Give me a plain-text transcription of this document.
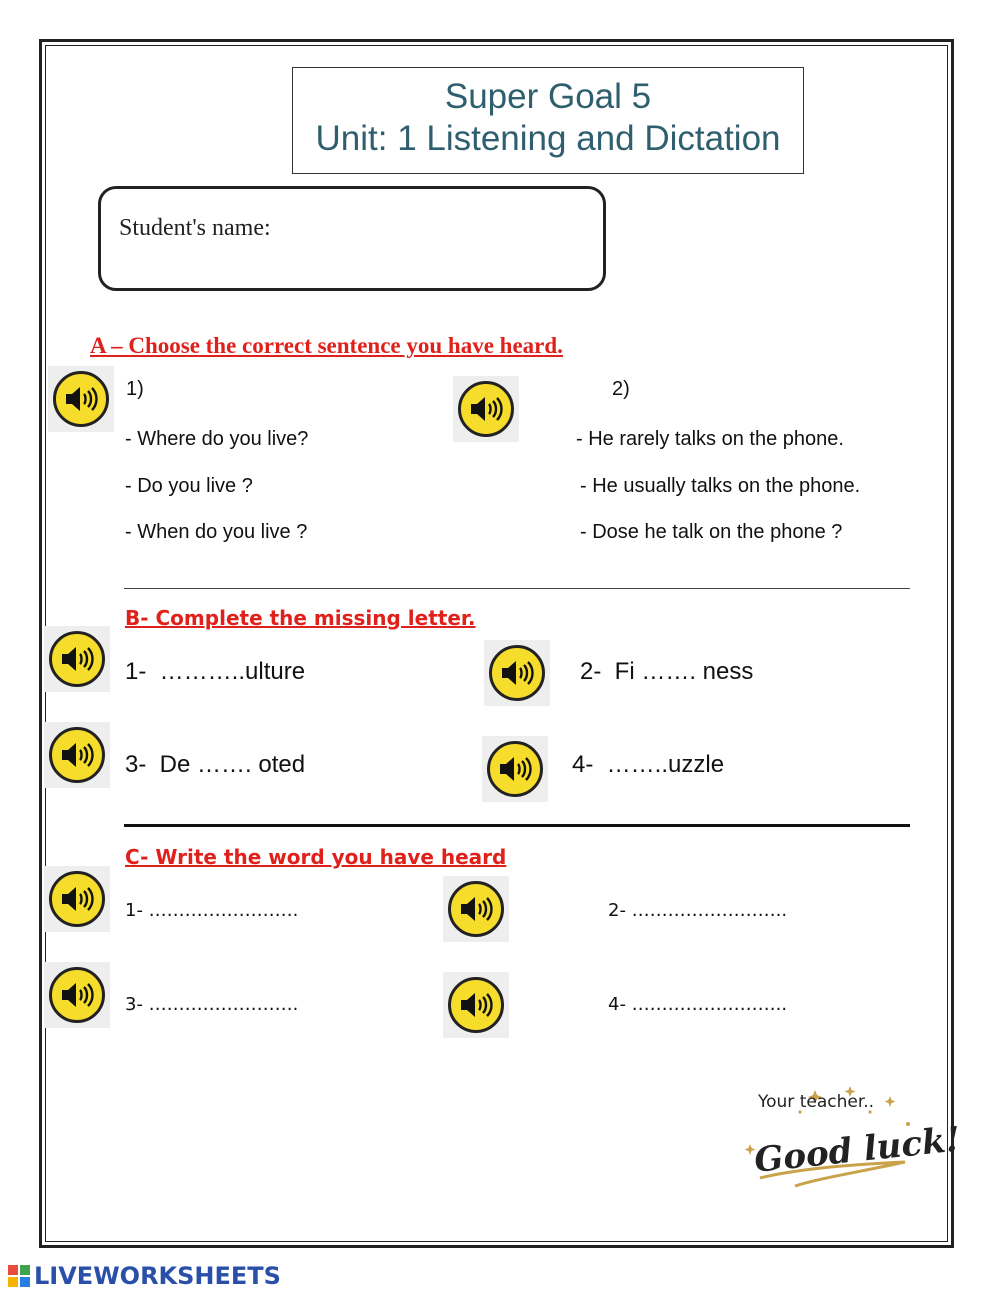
Super Goal 5
Unit: 1 Listening and Dictation
Student's name:
A – Choose the correct sentence you have heard.
1)
- Where do you live?
- Do you live ?
- When do you live ?
2)
- He rarely talks on the phone.
- He usually talks on the phone.
- Dose he talk on the phone ?
B- Complete the missing letter.
1-  ………..ulture	2-  Fi ……. ness
3-  De ……. oted	4-  ……..uzzle
C- Write the word you have heard
1- …………………….	2- ……………………..
3- …………………….	4- ……………………..
Good luck!
Your teacher..
LIVEWORKSHEETS
